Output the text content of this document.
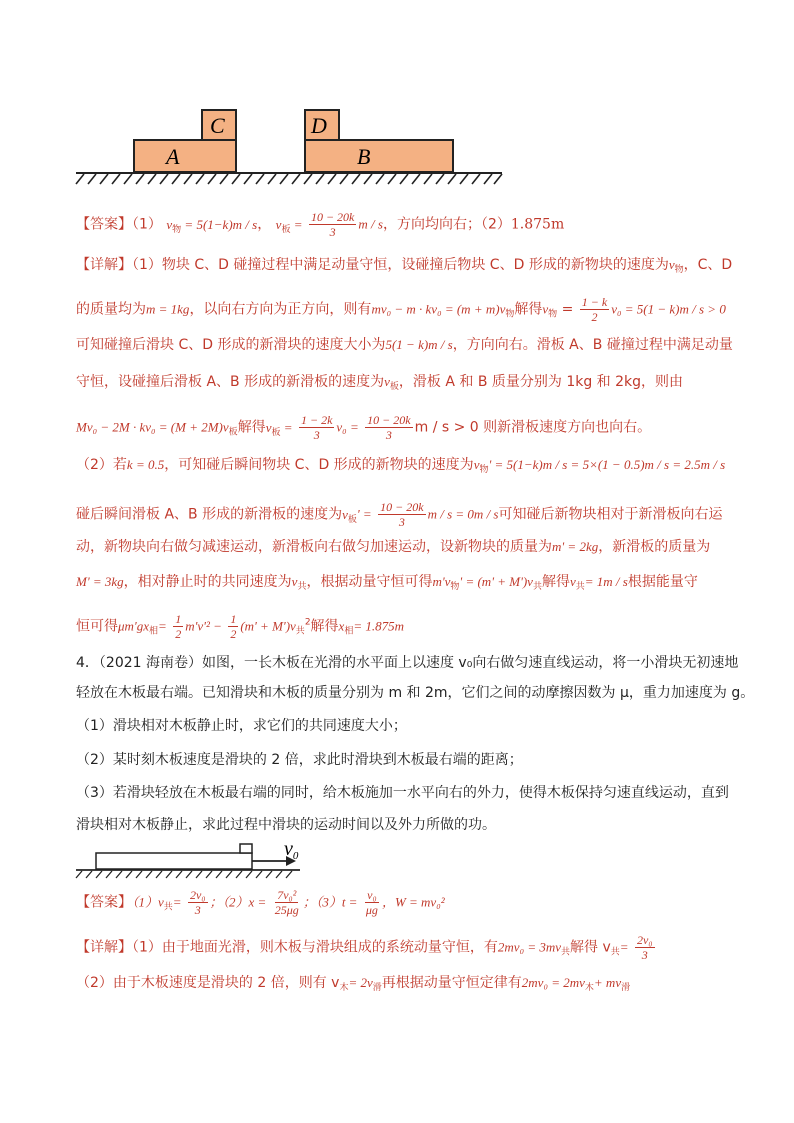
A
C	D
B
【答案】（1） $v_物 = 5(1-k)m / s$， $v_板 = \frac{10 - 20k}{3}$ m / s，方向均向右；（2）1.875m
【详解】（1）物块 C、D 碰撞过程中满足动量守恒，设碰撞后物块 C、D 形成的新物块的速度为$v_物$，C、D
的质量均为m = 1kg，以向右方向为正方向，则有$mv_0 - m \cdot kv_0 = (m + m)v_物$解得$v_物 = \frac{1 - k}{2} v_0 = 5(1 - k)m / s > 0$
可知碰撞后滑块 C、D 形成的新滑块的速度大小为5(1 − k)m / s，方向向右。滑板 A、B 碰撞过程中满足动量
守恒，设碰撞后滑板 A、B 形成的新滑板的速度为$v_板$，滑板 A 和 B 质量分别为 1kg 和 2kg，则由
$Mv_0 - 2M \cdot kv_0 = (M + 2M)v_板$解得$v_板 = \frac{1 - 2k}{3} v_0 = \frac{10 - 20k}{3}$ m / s > 0 则新滑板速度方向也向右。
（2）若k = 0.5，可知碰后瞬间物块 C、D 形成的新物块的速度为$v_物' = 5(1-k)m / s = 5\times(1 - 0.5)m / s = 2.5m / s$
碰后瞬间滑板 A、B 形成的新滑板的速度为$v_板' = \frac{10 - 20k}{3}$ m / s = 0m / s可知碰后新物块相对于新滑板向右运
动，新物块向右做匀减速运动，新滑板向右做匀加速运动，设新物块的质量为m' = 2kg，新滑板的质量为
M' = 3kg，相对静止时的共同速度为$v_共$，根据动量守恒可得$m'v_物' = (m' + M')v_共$解得$v_共= 1m / s$根据能量守
恒可得$\mu m'gx_相= \frac{1}{2} m'v'^2 - \frac{1}{2} (m' + M')v_共^2$解得$x_相= 1.875m$
4．（2021 海南卷）如图，一长木板在光滑的水平面上以速度 v₀向右做匀速直线运动，将一小滑块无初速地
轻放在木板最右端。已知滑块和木板的质量分别为 m 和 2m，它们之间的动摩擦因数为 μ，重力加速度为 g。
（1）滑块相对木板静止时，求它们的共同速度大小；
（2）某时刻木板速度是滑块的 2 倍，求此时滑块到木板最右端的距离；
（3）若滑块轻放在木板最右端的同时，给木板施加一水平向右的外力，使得木板保持匀速直线运动，直到
滑块相对木板静止，求此过程中滑块的运动时间以及外力所做的功。
$v_0$
【答案】$(1)v_共= \frac{\text{2v₀}}{3}$ ；$(2)x = \frac{\text{7v₀²}}{25\mu g}$ ；$(3)t = \frac{\text{v₀}}{\mu g}$ ，W = mv₀²
【详解】（1）由于地面光滑，则木板与滑块组成的系统动量守恒，有$2mv_0 = 3mv_共$解得 $v_共= \frac{\text{2v₀}}{3}$
（2）由于木板速度是滑块的 2 倍，则有 $v_木= 2v_滑$再根据动量守恒定律有$2mv_0 = 2mv_木+ mv_滑$
